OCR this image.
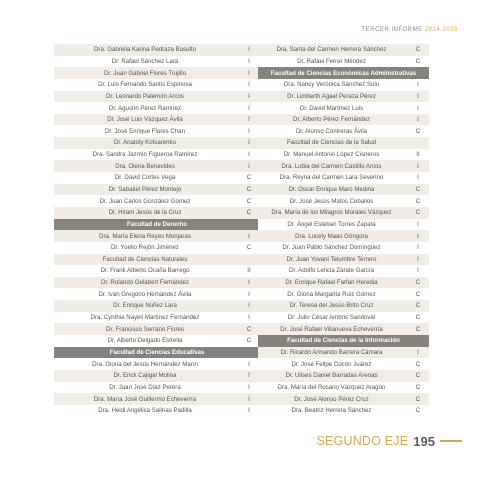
TERCER INFORME 2024-2025
Dra. Gabriela Karina Pedraza Basulto	I
Dr. Rafael Sánchez Lara	I
Dr. Juan Gabriel Flores Trujillo	I
Dr. Luis Fernando Santis Espinosa	I
Dr. Leonardo Palemón Arcos	I
Dr. Agustín Pérez Ramírez	I
Dr. José Luis Vázquez Ávila	I
Dr. José Enrique Flores Chan	I
Dr. Anatoly Kotsarenko	I
Dra. Sandra Jazmín Figueroa Ramírez	I
Dra. Olena Benavides	I
Dr. David Cortes Vega	C
Dr. Sabatiel Pérez Montejo	C
Dr. Juan Carlos González Gómez	C
Dr. Hiram Jesús de la Cruz	C
Facultad de Derecho
Dra. María Elena Reyes Monjaras	I
Dr. Yuello Rejón Jiménez	C
Facultad de Ciencias Naturales
Dr. Frank Alberto Ocaña Barrego	II
Dr. Rolando Gelabert Fernández	I
Dr. Iván Gregorio Hernández Ávila	I
Dr. Enrique Núñez Lara	I
Dra. Cynthia Nayeli Martínez Fernández	I
Dr. Francisco Serrano Flores	C
Dr. Alberto Delgado Estrella	C
Facultad de Ciencias Educativas
Dra. Gloria del Jesús Hernández Marín	I
Dr. Erick Cajigal Molina	I
Dr. Juan José Díaz Perera	I
Dra. María José Guillermo Echeverría	I
Dra. Heidi Angélica Salinas Padilla	I
Dra. Santa del Carmen Herrera Sánchez	C
Dr. Rafael Ferrer Méndez	C
Facultad de Ciencias Económicas Administrativas
Dra. Nancy Verónica Sánchez Sulu	I
Dr. Limberth Agael Peraza Pérez	I
Dr. David Martínez Luis	I
Dr. Alberto Pérez Fernández	I
Dr. Alonso Contreras Ávila	C
Facultad de Ciencias de la Salud
Dr. Manuel Antonio López Cisneros	II
Dra. Lubia del Carmen Castillo Arcos	I
Dra. Reyna del Carmen Lara Severino	I
Dr. Oscar Enrique Maro Medina	C
Dr. José Jesús Matos Ceballos	C
Dra. María de los Milagros Morales Vázquez	C
Dr. Ángel Esteban Torres Zapata	I
Dra. Lucely Maas Góngora	I
Dr. Juan Pablo Sánchez Domínguez	I
Dr. Juan Yovani Telumbre Terrero	I
Dr. Adolfo Leticia Zárate García	I
Dr. Enrique Rafael Farfan Heredia	C
Dr. Gloria Margarita Ruiz Gómez	C
Dr. Teresa del Jesús Brito Cruz	C
Dr. Julio César Ambris Sandoval	C
Dr. José Rafael Villanueva Echeverría	C
Facultad de Ciencias de la Información
Dr. Ricardo Armando Barrera Cámara	I
Dr. José Felipe Cocón Juárez	C
Dr. Ulises Daniel Barradas Arenas	C
Dra. María del Rosario Vázquez Aragón	C
Dr. José Alonso Pérez Cruz	C
Dra. Beatriz Herrera Sánchez	C
SEGUNDO EJE 195
